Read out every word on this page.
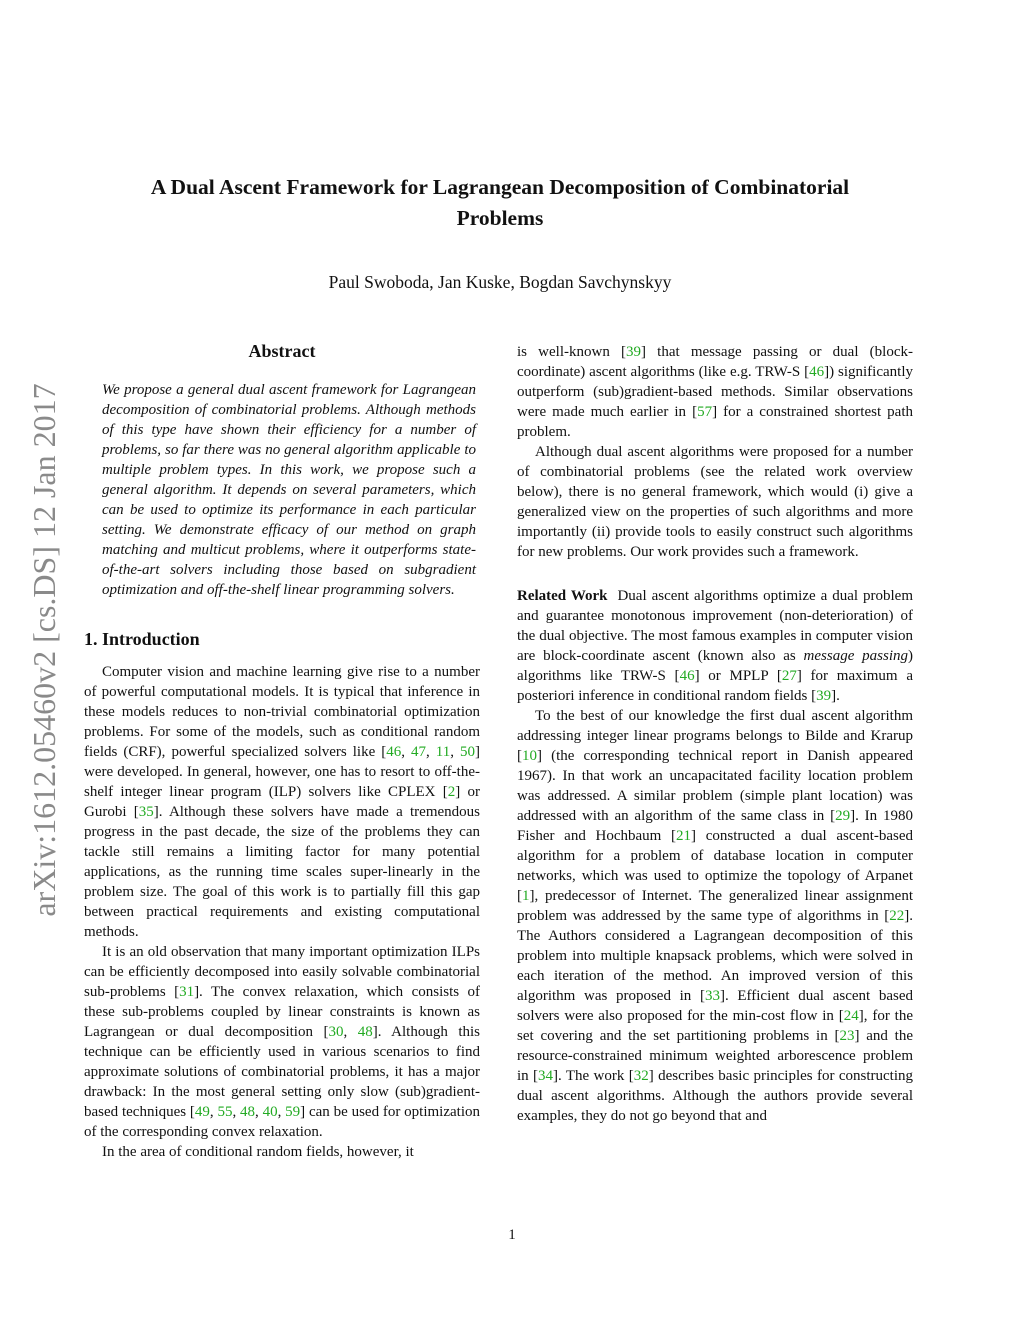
A Dual Ascent Framework for Lagrangean Decomposition of Combinatorial
Problems
Paul Swoboda, Jan Kuske, Bogdan Savchynskyy
arXiv:1612.05460v2 [cs.DS] 12 Jan 2017
Abstract
We propose a general dual ascent framework for Lagrangean decomposition of combinatorial problems. Although methods of this type have shown their efficiency for a number of problems, so far there was no general algorithm applicable to multiple problem types. In this work, we propose such a general algorithm. It depends on several parameters, which can be used to optimize its performance in each particular setting. We demonstrate efficacy of our method on graph matching and multicut problems, where it outperforms state-of-the-art solvers including those based on subgradient optimization and off-the-shelf linear programming solvers.
1. Introduction

Computer vision and machine learning give rise to a number of powerful computational models. It is typical that inference in these models reduces to non-trivial combinatorial optimization problems. For some of the models, such as conditional random fields (CRF), powerful specialized solvers like [46, 47, 11, 50] were developed. In general, however, one has to resort to off-the-shelf integer linear program (ILP) solvers like CPLEX [2] or Gurobi [35]. Although these solvers have made a tremendous progress in the past decade, the size of the problems they can tackle still remains a limiting factor for many potential applications, as the running time scales super-linearly in the problem size. The goal of this work is to partially fill this gap between practical requirements and existing computational methods.

It is an old observation that many important optimization ILPs can be efficiently decomposed into easily solvable combinatorial sub-problems [31]. The convex relaxation, which consists of these sub-problems coupled by linear constraints is known as Lagrangean or dual decomposition [30, 48]. Although this technique can be efficiently used in various scenarios to find approximate solutions of combinatorial problems, it has a major drawback: In the most general setting only slow (sub)gradient-based techniques [49, 55, 48, 40, 59] can be used for optimization of the corresponding convex relaxation.

In the area of conditional random fields, however, it

is well-known [39] that message passing or dual (block-coordinate) ascent algorithms (like e.g. TRW-S [46]) significantly outperform (sub)gradient-based methods. Similar observations were made much earlier in [57] for a constrained shortest path problem.

Although dual ascent algorithms were proposed for a number of combinatorial problems (see the related work overview below), there is no general framework, which would (i) give a generalized view on the properties of such algorithms and more importantly (ii) provide tools to easily construct such algorithms for new problems. Our work provides such a framework.

Related Work Dual ascent algorithms optimize a dual problem and guarantee monotonous improvement (non-deterioration) of the dual objective. The most famous examples in computer vision are block-coordinate ascent (known also as message passing) algorithms like TRW-S [46] or MPLP [27] for maximum a posteriori inference in conditional random fields [39].

To the best of our knowledge the first dual ascent algorithm addressing integer linear programs belongs to Bilde and Krarup [10] (the corresponding technical report in Danish appeared 1967). In that work an uncapacitated facility location problem was addressed. A similar problem (simple plant location) was addressed with an algorithm of the same class in [29]. In 1980 Fisher and Hochbaum [21] constructed a dual ascent-based algorithm for a problem of database location in computer networks, which was used to optimize the topology of Arpanet [1], predecessor of Internet. The generalized linear assignment problem was addressed by the same type of algorithms in [22]. The Authors considered a Lagrangean decomposition of this problem into multiple knapsack problems, which were solved in each iteration of the method. An improved version of this algorithm was proposed in [33]. Efficient dual ascent based solvers were also proposed for the min-cost flow in [24], for the set covering and the set partitioning problems in [23] and the resource-constrained minimum weighted arborescence problem in [34]. The work [32] describes basic principles for constructing dual ascent algorithms. Although the authors provide several examples, they do not go beyond that and

1
